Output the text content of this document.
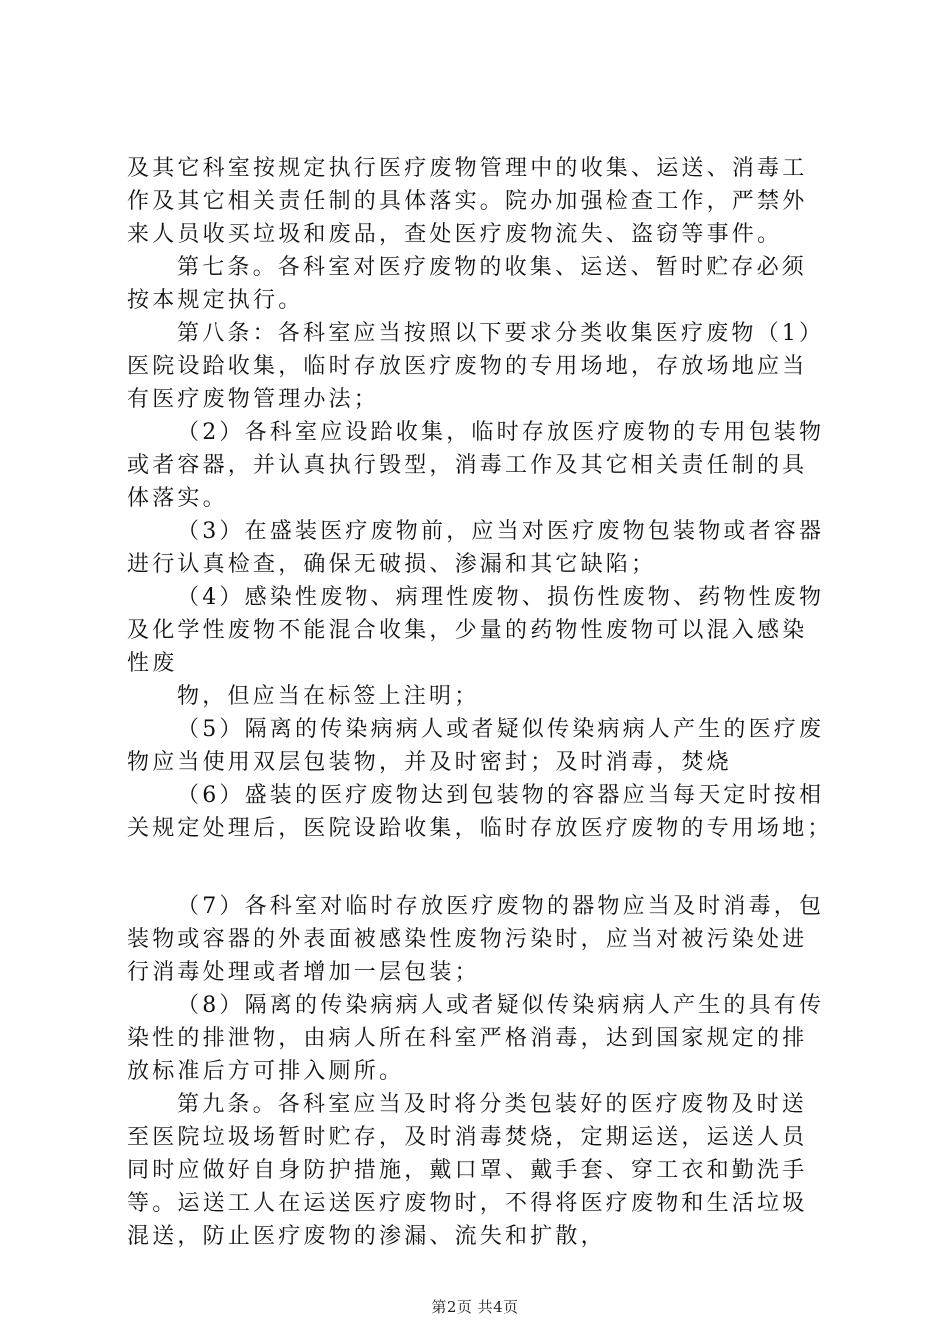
及其它科室按规定执行医疗废物管理中的收集、运送、消毒工
作及其它相关责任制的具体落实。院办加强检查工作，严禁外
来人员收买垃圾和废品，查处医疗废物流失、盗窃等事件。
第七条。各科室对医疗废物的收集、运送、暂时贮存必须
按本规定执行。
第八条：各科室应当按照以下要求分类收集医疗废物（1）
医院设跲收集，临时存放医疗废物的专用场地，存放场地应当
有医疗废物管理办法；
（2）各科室应设跲收集，临时存放医疗废物的专用包装物
或者容器，并认真执行毁型，消毒工作及其它相关责任制的具
体落实。
（3）在盛装医疗废物前，应当对医疗废物包装物或者容器
进行认真检查，确保无破损、渗漏和其它缺陷；
（4）感染性废物、病理性废物、损伤性废物、药物性废物
及化学性废物不能混合收集，少量的药物性废物可以混入感染
性废
物，但应当在标签上注明；
（5）隔离的传染病病人或者疑似传染病病人产生的医疗废
物应当使用双层包装物，并及时密封；及时消毒，焚烧
（6）盛装的医疗废物达到包装物的容器应当每天定时按相
关规定处理后，医院设跲收集，临时存放医疗废物的专用场地；
（7）各科室对临时存放医疗废物的器物应当及时消毒，包
装物或容器的外表面被感染性废物污染时，应当对被污染处进
行消毒处理或者增加一层包装；
（8）隔离的传染病病人或者疑似传染病病人产生的具有传
染性的排泄物，由病人所在科室严格消毒，达到国家规定的排
放标准后方可排入厕所。
第九条。各科室应当及时将分类包装好的医疗废物及时送
至医院垃圾场暂时贮存，及时消毒焚烧，定期运送，运送人员
同时应做好自身防护措施，戴口罩、戴手套、穿工衣和勤洗手
等。运送工人在运送医疗废物时，不得将医疗废物和生活垃圾
混送，防止医疗废物的渗漏、流失和扩散，
第2页 共4页
